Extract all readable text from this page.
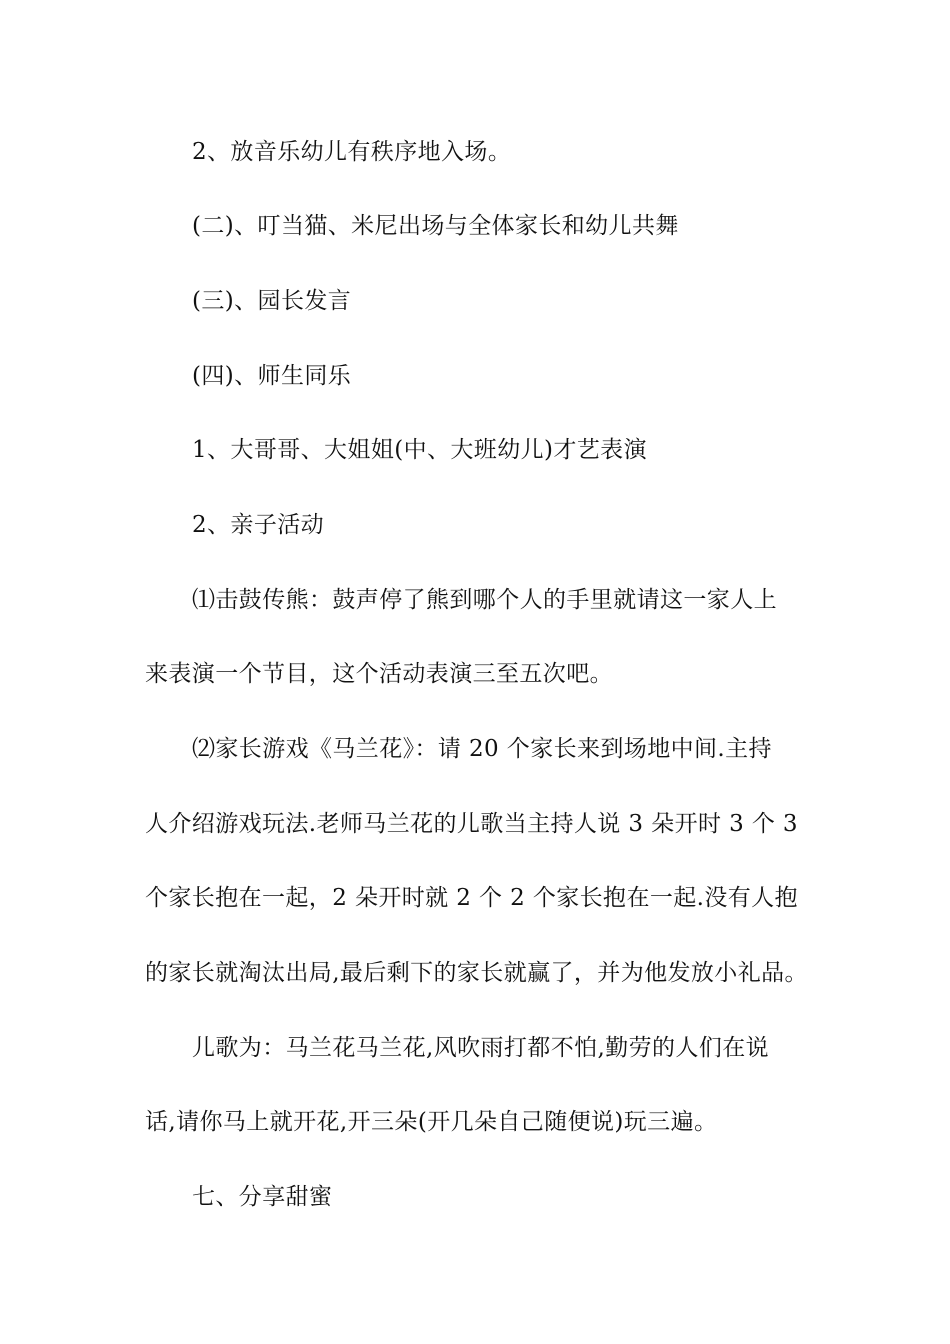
2、放音乐幼儿有秩序地入场。
(二)、叮当猫、米尼出场与全体家长和幼儿共舞
(三)、园长发言
(四)、师生同乐
1、大哥哥、大姐姐(中、大班幼儿)才艺表演
2、亲子活动
⑴击鼓传熊：鼓声停了熊到哪个人的手里就请这一家人上
来表演一个节目，这个活动表演三至五次吧。
⑵家长游戏《马兰花》：请 20 个家长来到场地中间.主持
人介绍游戏玩法.老师马兰花的儿歌当主持人说 3 朵开时 3 个 3
个家长抱在一起，2 朵开时就 2 个 2 个家长抱在一起.没有人抱
的家长就淘汰出局,最后剩下的家长就赢了，并为他发放小礼品。
儿歌为：马兰花马兰花,风吹雨打都不怕,勤劳的人们在说
话,请你马上就开花,开三朵(开几朵自己随便说)玩三遍。
七、分享甜蜜
